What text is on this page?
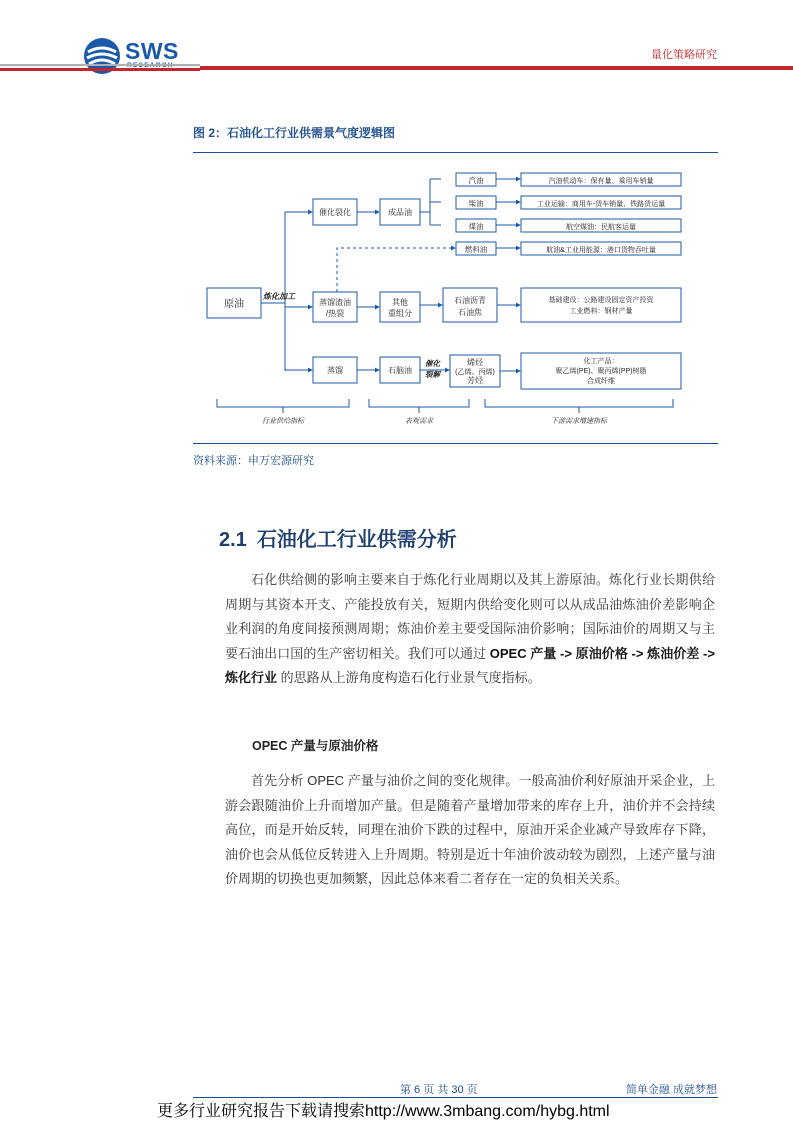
SWS	量化策略研究
图 2：石油化工行业供需景气度逻辑图
原油
催化裂化	成品油
蒸馏渣油
/热裂
其他
重组分
石油沥青
石油焦
蒸馏	石脑油
烯烃
(乙烯、丙烯)
芳烃
汽油
柴油
煤油
燃料油
汽油机动车：保有量、乘用车销量
工业运输：商用车-货车销量、铁路货运量
航空煤油：民航客运量
航油&工业用能源：港口货物吞吐量
基础建设：公路建设固定资产投资
工业燃料：钢材产量
化工产品：
聚乙烯(PE)、聚丙烯(PP)树脂
合成纤维
行业供给指标	表观需求	下游需求增速指标
炼化加工
催化
裂解
资料来源：申万宏源研究
2.1 石油化工行业供需分析

石化供给侧的影响主要来自于炼化行业周期以及其上游原油。炼化行业长期供给周期与其资本开支、产能投放有关，短期内供给变化则可以从成品油炼油价差影响企业利润的角度间接预测周期；炼油价差主要受国际油价影响；国际油价的周期又与主要石油出口国的生产密切相关。我们可以通过 OPEC 产量 -> 原油价格 -> 炼油价差 -> 炼化行业 的思路从上游角度构造石化行业景气度指标。

OPEC 产量与原油价格

首先分析 OPEC 产量与油价之间的变化规律。一般高油价利好原油开采企业，上游会跟随油价上升而增加产量。但是随着产量增加带来的库存上升，油价并不会持续高位，而是开始反转，同理在油价下跌的过程中，原油开采企业减产导致库存下降，油价也会从低位反转进入上升周期。特别是近十年油价波动较为剧烈，上述产量与油价周期的切换也更加频繁，因此总体来看二者存在一定的负相关关系。

第 6 页 共 30 页	简单金融 成就梦想
更多行业研究报告下载请搜索http://www.3mbang.com/hybg.html
